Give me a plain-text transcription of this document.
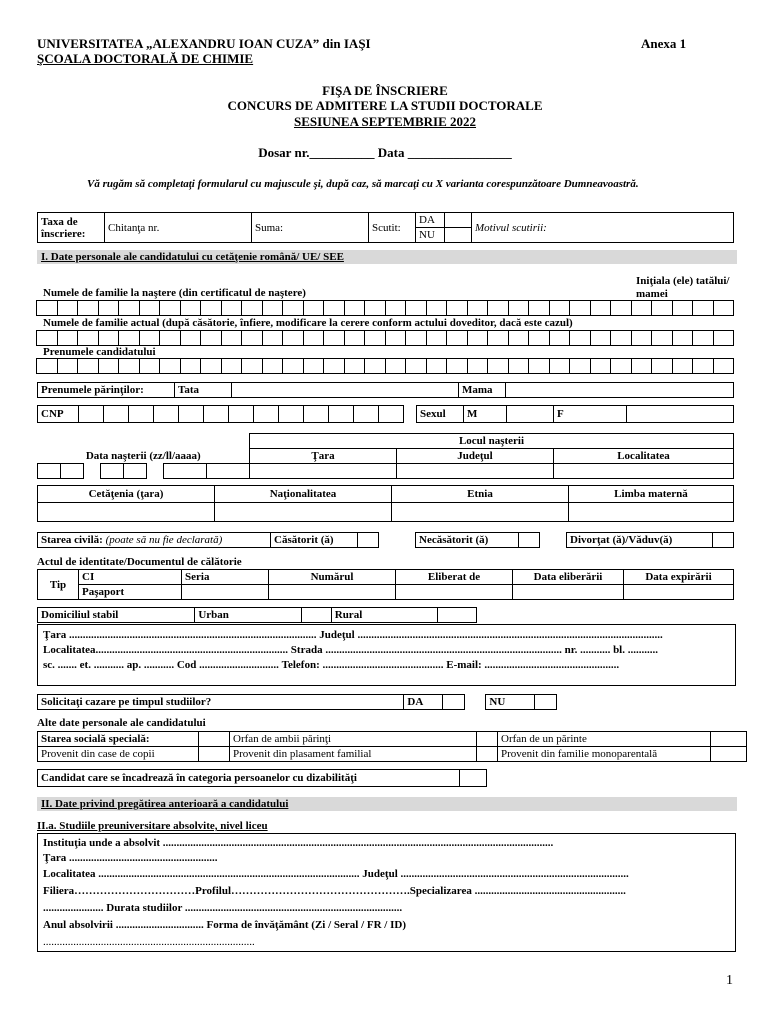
UNIVERSITATEA „ALEXANDRU IOAN CUZA” din IAŞI
ŞCOALA DOCTORALĂ DE CHIMIE
Anexa 1
FIŞA DE ÎNSCRIERE
CONCURS DE ADMITERE LA STUDII DOCTORALE
SESIUNEA SEPTEMBRIE 2022
Dosar nr.__________ Data ________________
Vă rugăm să completaţi formularul cu majuscule şi, după caz, să marcaţi cu X varianta corespunzătoare Dumneavoastră.
Taxa de înscriere:	Chitanţa nr.	Suma:	Scutit:	DA		Motivul scutirii:
				NU		
I. Date personale ale candidatului cu cetăţenie română/ UE/ SEE
Iniţiala (ele) tatălui/ mamei
Numele de familie la naştere (din certificatul de naştere)
Numele de familie actual (după căsătorie, înfiere, modificare la cerere conform actului doveditor, dacă este cazul)
Prenumele candidatului
Prenumele părinţilor:	Tata		Mama	
CNP															Sexul	M		F	
								Locul naşterii		
Data naşterii (zz/ll/aaaa)								Ţara	Judeţul	Localitatea

Cetăţenia (ţara)	Naţionalitatea	Etnia	Limba maternă

Starea civilă: (poate să nu fie declarată)	Căsătorit (ă)			Necăsătorit (ă)			Divorţat (ă)/Văduv(ă)	
Actul de identitate/Documentul de călătorie
Tip	CI	Seria	Numărul	Eliberat de	Data eliberării	Data expirării
	Paşaport					
Domiciliul stabil	Urban		Rural	
Ţara .......................................................................................... Judeţul ...............................................................................................................
Localitatea...................................................................... Strada ...................................................................................... nr. ........... bl. ...........
sc. ....... et. ........... ap. ........... Cod ............................. Telefon: ............................................ E-mail: .................................................
Solicitaţi cazare pe timpul studiilor?	DA			NU	
Alte date personale ale candidatului
Starea socială specială:		Orfan de ambii părinţi		Orfan de un părinte	
Provenit din case de copii		Provenit din plasament familial		Provenit din familie monoparentală	
Candidat care se încadrează în categoria persoanelor cu dizabilităţi	
II. Date privind pregătirea anterioară a candidatului
II.a. Studiile preuniversitare absolvite, nivel liceu
Instituţia unde a absolvit ..............................................................................................................................................
Ţara ......................................................
Localitatea ............................................................................................... Judeţul ...................................................................................
Filiera……………………………Profilul………………………………………….Specializarea .......................................................
...................... Durata studiilor ...............................................................................
Anul absolvirii ................................ Forma de învăţământ (Zi / Seral / FR / ID)
.............................................................................
1
